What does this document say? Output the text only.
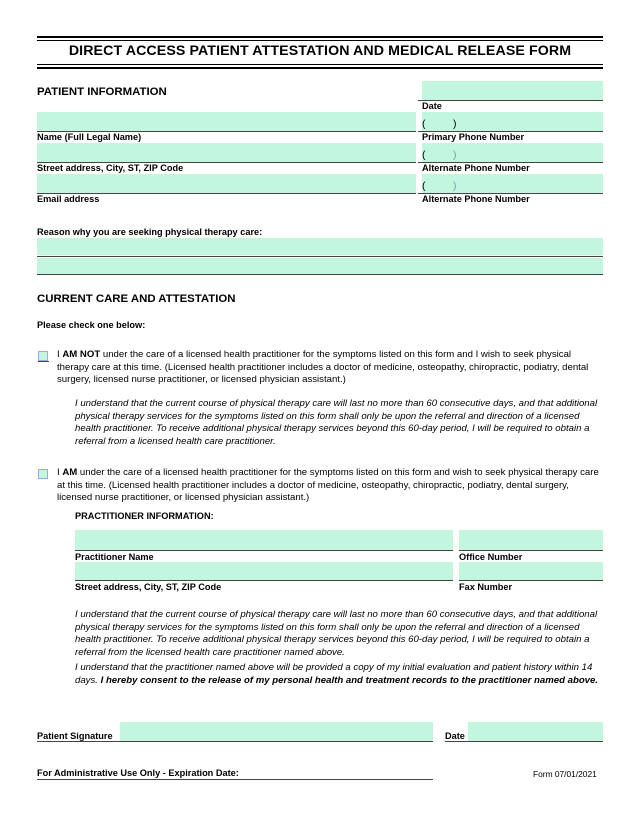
DIRECT ACCESS PATIENT ATTESTATION AND MEDICAL RELEASE FORM
PATIENT INFORMATION
Date
Name (Full Legal Name)
(	)
Primary Phone Number
Street address, City, ST, ZIP Code
(	)
Alternate Phone Number
Email address
(	)
Alternate Phone Number
Reason why you are seeking physical therapy care:
CURRENT CARE AND ATTESTATION
Please check one below:
I AM NOT under the care of a licensed health practitioner for the symptoms listed on this form and I wish to seek physical therapy care at this time. (Licensed health practitioner includes a doctor of medicine, osteopathy, chiropractic, podiatry, dental surgery, licensed nurse practitioner, or licensed physician assistant.)
I understand that the current course of physical therapy care will last no more than 60 consecutive days, and that additional physical therapy services for the symptoms listed on this form shall only be upon the referral and direction of a licensed health practitioner. To receive additional physical therapy services beyond this 60-day period, I will be required to obtain a referral from a licensed health care practitioner.
I AM under the care of a licensed health practitioner for the symptoms listed on this form and wish to seek physical therapy care at this time. (Licensed health practitioner includes a doctor of medicine, osteopathy, chiropractic, podiatry, dental surgery, licensed nurse practitioner, or licensed physician assistant.)
PRACTITIONER INFORMATION:
Practitioner Name	Office Number
Street address, City, ST, ZIP Code	Fax Number
I understand that the current course of physical therapy care will last no more than 60 consecutive days, and that additional physical therapy services for the symptoms listed on this form shall only be upon the referral and direction of a licensed health practitioner. To receive additional physical therapy services beyond this 60-day period, I will be required to obtain a referral from the licensed health care practitioner named above.
I understand that the practitioner named above will be provided a copy of my initial evaluation and patient history within 14 days. I hereby consent to the release of my personal health and treatment records to the practitioner named above.
Patient Signature	Date
For Administrative Use Only - Expiration Date:	Form 07/01/2021
